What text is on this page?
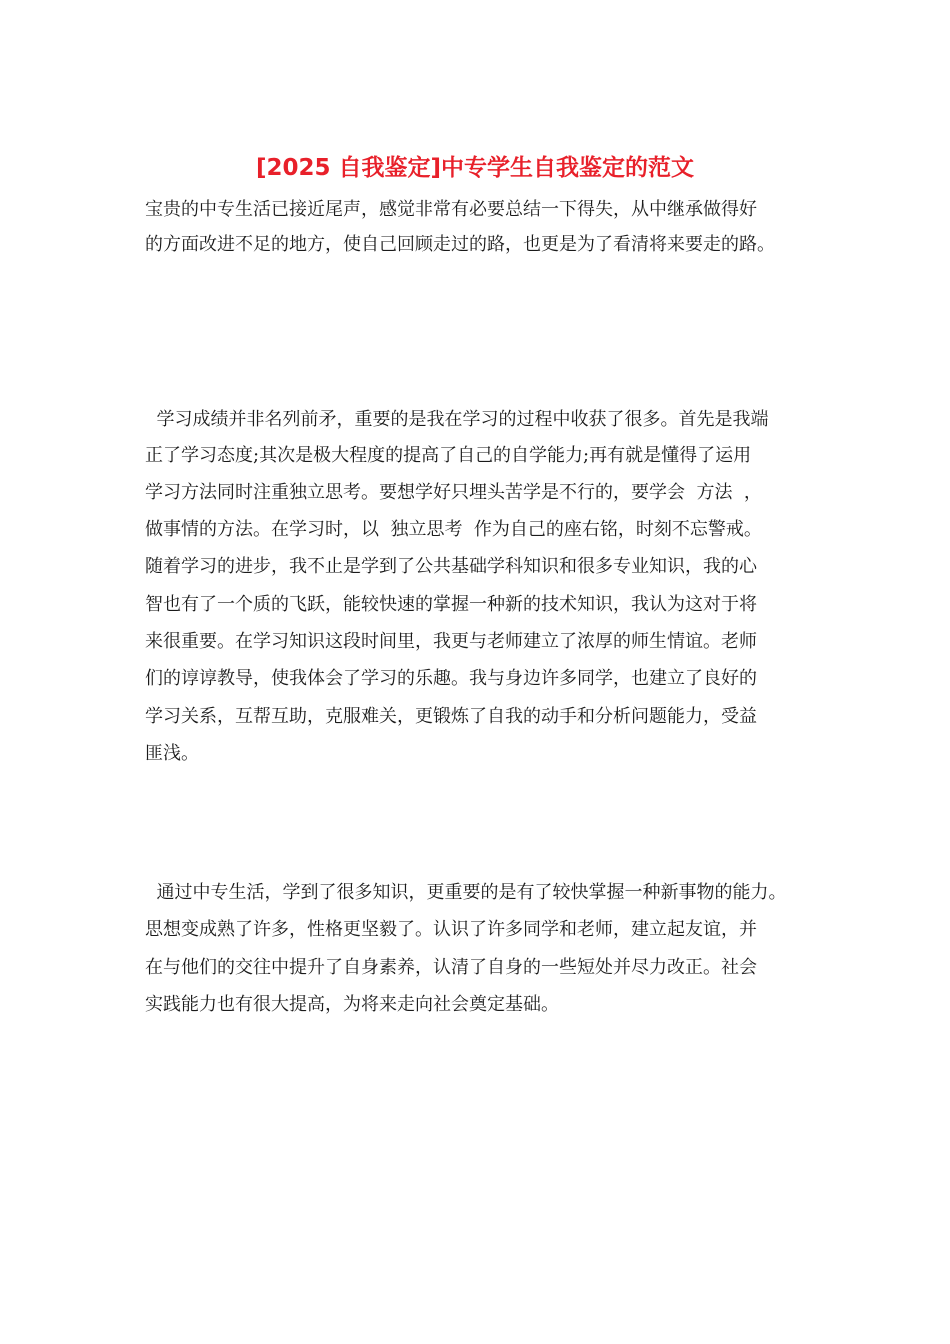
[2025 自我鉴定]中专学生自我鉴定的范文
宝贵的中专生活已接近尾声，感觉非常有必要总结一下得失，从中继承做得好
的方面改进不足的地方，使自己回顾走过的路，也更是为了看清将来要走的路。
学习成绩并非名列前矛，重要的是我在学习的过程中收获了很多。首先是我端
正了学习态度;其次是极大程度的提高了自己的自学能力;再有就是懂得了运用
学习方法同时注重独立思考。要想学好只埋头苦学是不行的，要学会  方法  ，
做事情的方法。在学习时，以  独立思考  作为自己的座右铭，时刻不忘警戒。
随着学习的进步，我不止是学到了公共基础学科知识和很多专业知识，我的心
智也有了一个质的飞跃，能较快速的掌握一种新的技术知识，我认为这对于将
来很重要。在学习知识这段时间里，我更与老师建立了浓厚的师生情谊。老师
们的谆谆教导，使我体会了学习的乐趣。我与身边许多同学，也建立了良好的
学习关系，互帮互助，克服难关，更锻炼了自我的动手和分析问题能力，受益
匪浅。
通过中专生活，学到了很多知识，更重要的是有了较快掌握一种新事物的能力。
思想变成熟了许多，性格更坚毅了。认识了许多同学和老师，建立起友谊，并
在与他们的交往中提升了自身素养，认清了自身的一些短处并尽力改正。社会
实践能力也有很大提高，为将来走向社会奠定基础。
